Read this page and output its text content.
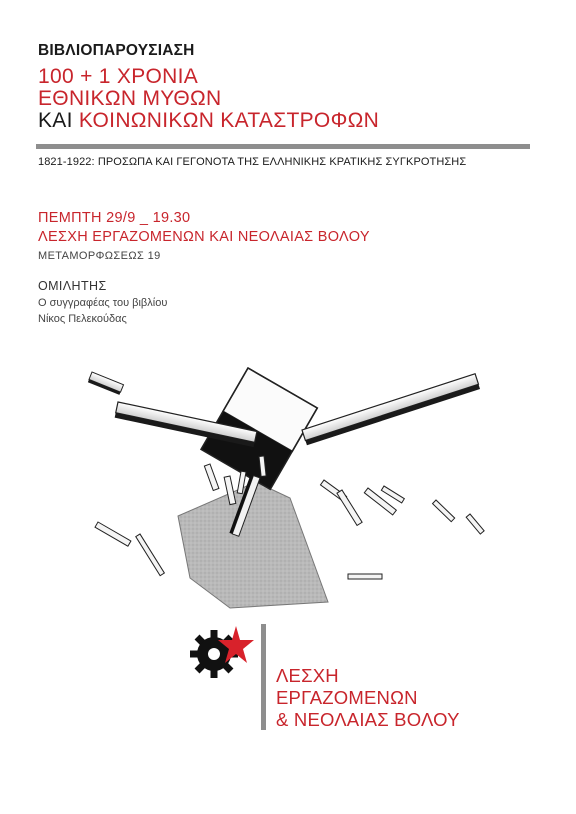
ΒΙΒΛΙΟΠΑΡΟΥΣΙΑΣΗ

100 + 1 ΧΡΟΝΙΑ
ΕΘΝΙΚΩΝ ΜΥΘΩΝ
ΚΑΙ ΚΟΙΝΩΝΙΚΩΝ ΚΑΤΑΣΤΡΟΦΩΝ

1821-1922: ΠΡΟΣΩΠΑ ΚΑΙ ΓΕΓΟΝΟΤΑ ΤΗΣ ΕΛΛΗΝΙΚΗΣ ΚΡΑΤΙΚΗΣ ΣΥΓΚΡΟΤΗΣΗΣ

ΠΕΜΠΤΗ 29/9 _ 19.30

ΛΕΣΧΗ ΕΡΓΑΖΟΜΕΝΩΝ ΚΑΙ ΝΕΟΛΑΙΑΣ ΒΟΛΟΥ

ΜΕΤΑΜΟΡΦΩΣΕΩΣ 19

ΟΜΙΛΗΤΗΣ

Ο συγγραφέας του βιβλίου

Νίκος Πελεκούδας

ΛΕΣΧΗ
ΕΡΓΑΖΟΜΕΝΩΝ
& ΝΕΟΛΑΙΑΣ ΒΟΛΟΥ
